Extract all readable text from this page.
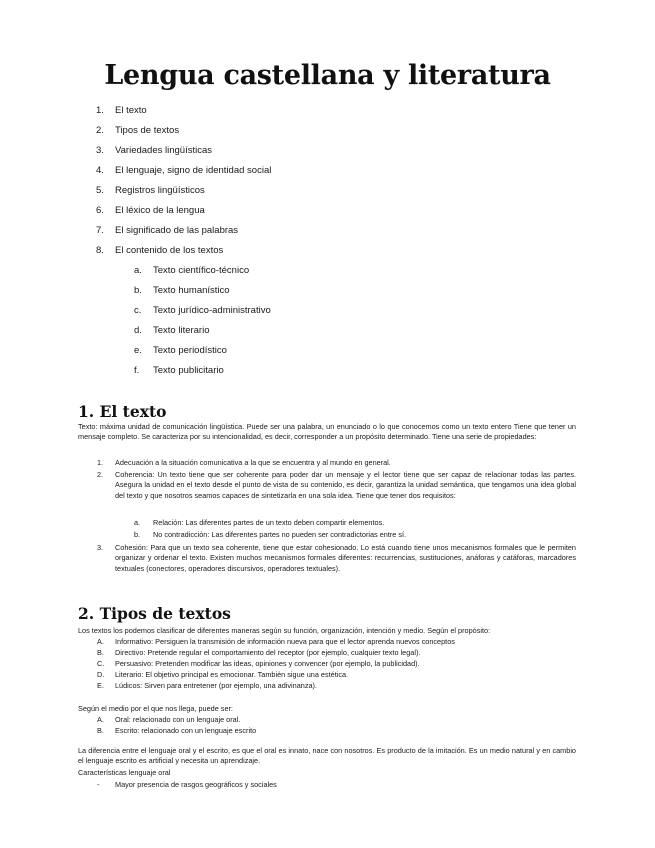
Lengua castellana y literatura
1.	El texto
2.	Tipos de textos
3.	Variedades lingüísticas
4.	El lenguaje, signo de identidad social
5.	Registros lingüísticos
6.	El léxico de la lengua
7.	El significado de las palabras
8.	El contenido de los textos
a.	Texto científico-técnico
b.	Texto humanístico
c.	Texto jurídico-administrativo
d.	Texto literario
e.	Texto periodístico
f.	Texto publicitario
1. El texto

Texto: máxima unidad de comunicación lingüística. Puede ser una palabra, un enunciado o lo que conocemos como un texto entero Tiene que tener un mensaje completo. Se caracteriza por su intencionalidad, es decir, corresponder a un propósito determinado. Tiene una serie de propiedades:

1. Adecuación a la situación comunicativa a la que se encuentra y al mundo en general.
2. Coherencia: Un texto tiene que ser coherente para poder dar un mensaje y el lector tiene que ser capaz de relacionar todas las partes. Asegura la unidad en el texto desde el punto de vista de su contenido, es decir, garantiza la unidad semántica, que tengamos una idea global del texto y que nosotros seamos capaces de sintetizarla en una sola idea. Tiene que tener dos requisitos:
a. Relación: Las diferentes partes de un texto deben compartir elementos.
b. No contradicción: Las diferentes partes no pueden ser contradictorias entre sí.
3. Cohesión: Para que un texto sea coherente, tiene que estar cohesionado. Lo está cuando tiene unos mecanismos formales que le permiten organizar y ordenar el texto. Existen muchos mecanismos formales diferentes: recurrencias, sustituciones, anáforas y catáforas, marcadores textuales (conectores, operadores discursivos, operadores textuales).
2. Tipos de textos

Los textos los podemos clasificar de diferentes maneras según su función, organización, intención y medio. Según el propósito:

A. Informativo: Persiguen la transmisión de información nueva para que el lector aprenda nuevos conceptos
B. Directivo: Pretende regular el comportamiento del receptor (por ejemplo, cualquier texto legal).
C. Persuasivo: Pretenden modificar las ideas, opiniones y convencer (por ejemplo, la publicidad).
D. Literario: El objetivo principal es emocionar. También sigue una estética.
E. Lúdicos: Sirven para entretener (por ejemplo, una adivinanza).

Según el medio por el que nos llega, puede ser:

A. Oral: relacionado con un lenguaje oral.
B. Escrito: relacionado con un lenguaje escrito

La diferencia entre el lenguaje oral y el escrito, es que el oral es innato, nace con nosotros. Es producto de la imitación. Es un medio natural y en cambio el lenguaje escrito es artificial y necesita un aprendizaje.

Características lenguaje oral

- Mayor presencia de rasgos geográficos y sociales
